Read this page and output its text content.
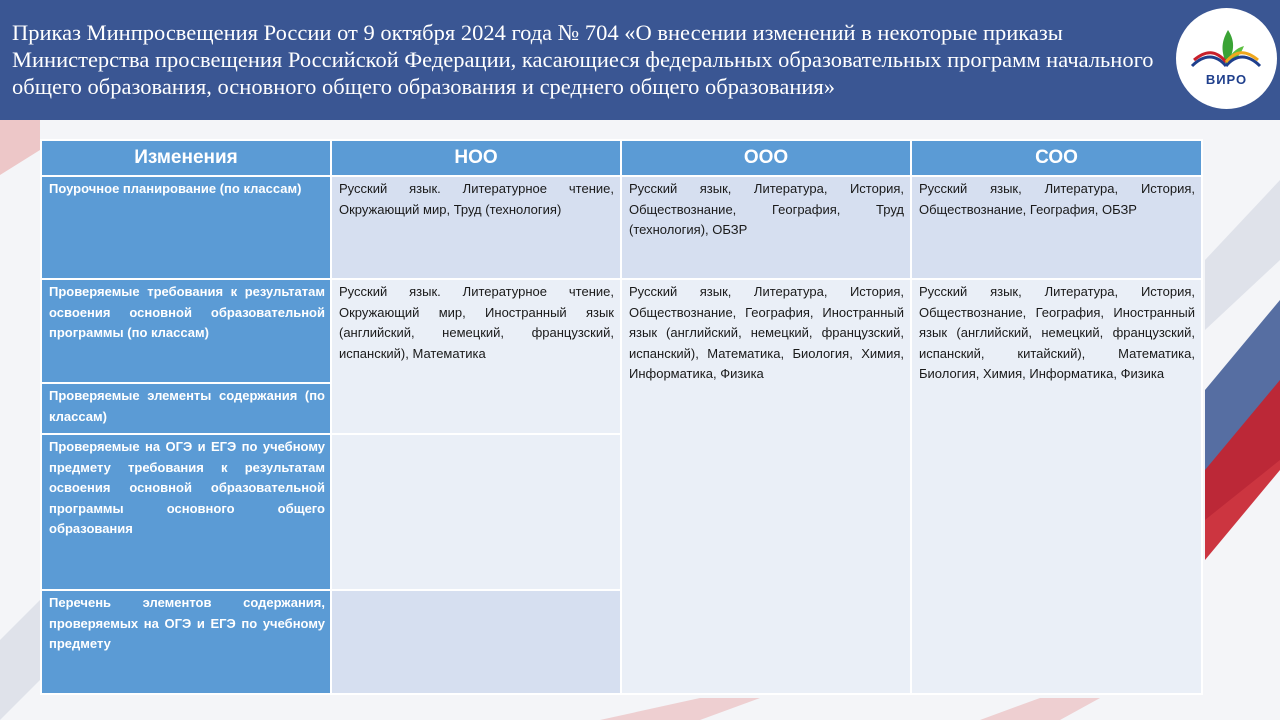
Приказ Минпросвещения России от 9 октября 2024 года № 704 «О внесении изменений в некоторые приказы Министерства просвещения Российской Федерации, касающиеся федеральных образовательных программ начального общего образования, основного общего образования и среднего общего образования»	ВИРО
Изменения	НОО	ООО	СОО
Поурочное планирование (по классам)	Русский язык. Литературное чтение, Окружающий мир, Труд (технология)	Русский язык, Литература, История, Обществознание, География, Труд (технология), ОБЗР	Русский язык, Литература, История, Обществознание, География, ОБЗР
Проверяемые требования к результатам освоения основной образовательной программы (по классам)	Русский язык. Литературное чтение, Окружающий мир, Иностранный язык (английский, немецкий, французский, испанский), Математика	Русский язык, Литература, История, Обществознание, География, Иностранный язык (английский, немецкий, французский, испанский), Математика, Биология, Химия, Информатика, Физика	Русский язык, Литература, История, Обществознание, География, Иностранный язык (английский, немецкий, французский, испанский, китайский), Математика, Биология, Химия, Информатика, Физика
Проверяемые элементы содержания (по классам)			
Проверяемые на ОГЭ и ЕГЭ по учебному предмету требования к результатам освоения основной образовательной программы основного общего образования			
Перечень элементов содержания, проверяемых на ОГЭ и ЕГЭ по учебному предмету			
